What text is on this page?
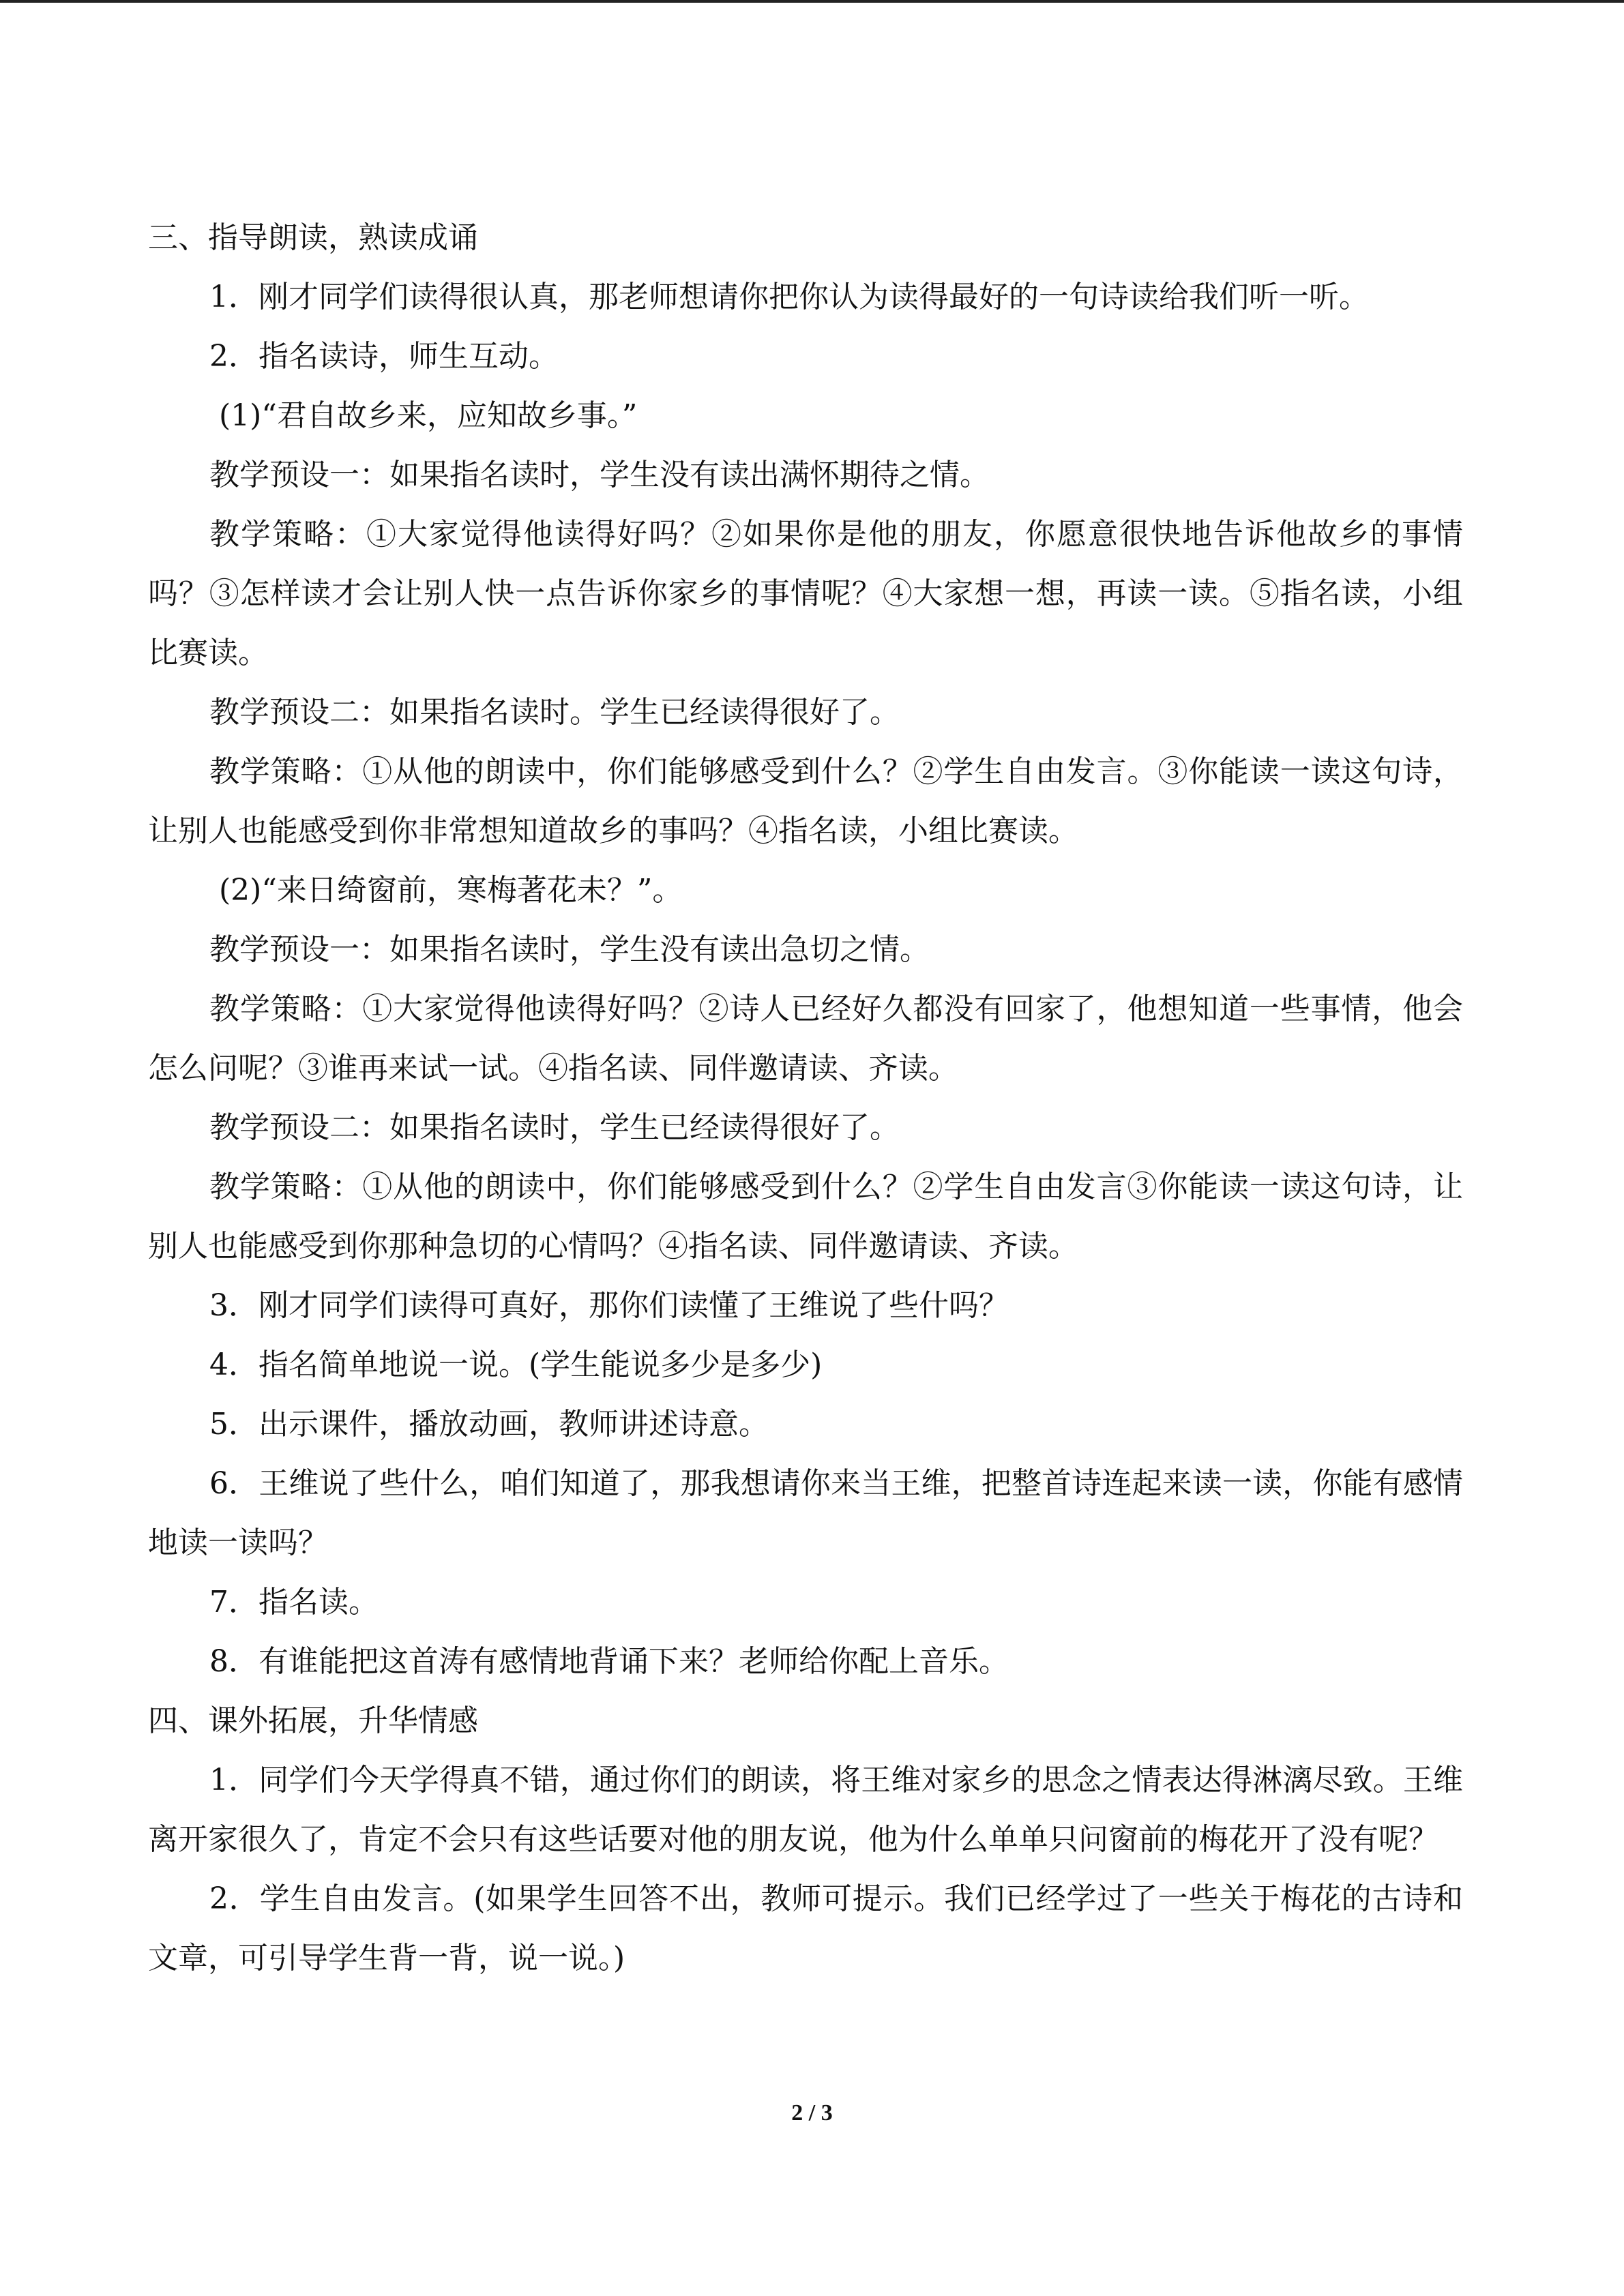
三、指导朗读，熟读成诵

1．刚才同学们读得很认真，那老师想请你把你认为读得最好的一句诗读给我们听一听。

2．指名读诗，师生互动。

(1)“君自故乡来，应知故乡事。”

教学预设一：如果指名读时，学生没有读出满怀期待之情。

教学策略：①大家觉得他读得好吗？②如果你是他的朋友，你愿意很快地告诉他故乡的事情吗？③怎样读才会让别人快一点告诉你家乡的事情呢？④大家想一想，再读一读。⑤指名读，小组比赛读。

教学预设二：如果指名读时。学生已经读得很好了。

教学策略：①从他的朗读中，你们能够感受到什么？②学生自由发言。③你能读一读这句诗，让别人也能感受到你非常想知道故乡的事吗？④指名读，小组比赛读。

(2)“来日绮窗前，寒梅著花未？”。

教学预设一：如果指名读时，学生没有读出急切之情。

教学策略：①大家觉得他读得好吗？②诗人已经好久都没有回家了，他想知道一些事情，他会怎么问呢？③谁再来试一试。④指名读、同伴邀请读、齐读。

教学预设二：如果指名读时，学生已经读得很好了。

教学策略：①从他的朗读中，你们能够感受到什么？②学生自由发言③你能读一读这句诗，让别人也能感受到你那种急切的心情吗？④指名读、同伴邀请读、齐读。

3．刚才同学们读得可真好，那你们读懂了王维说了些什吗？

4．指名简单地说一说。(学生能说多少是多少)

5．出示课件，播放动画，教师讲述诗意。

6．王维说了些什么，咱们知道了，那我想请你来当王维，把整首诗连起来读一读，你能有感情地读一读吗？

7．指名读。

8．有谁能把这首涛有感情地背诵下来？老师给你配上音乐。

四、课外拓展，升华情感

1．同学们今天学得真不错，通过你们的朗读，将王维对家乡的思念之情表达得淋漓尽致。王维离开家很久了，肯定不会只有这些话要对他的朋友说，他为什么单单只问窗前的梅花开了没有呢？

2．学生自由发言。(如果学生回答不出，教师可提示。我们已经学过了一些关于梅花的古诗和文章，可引导学生背一背，说一说。)

2 / 3
